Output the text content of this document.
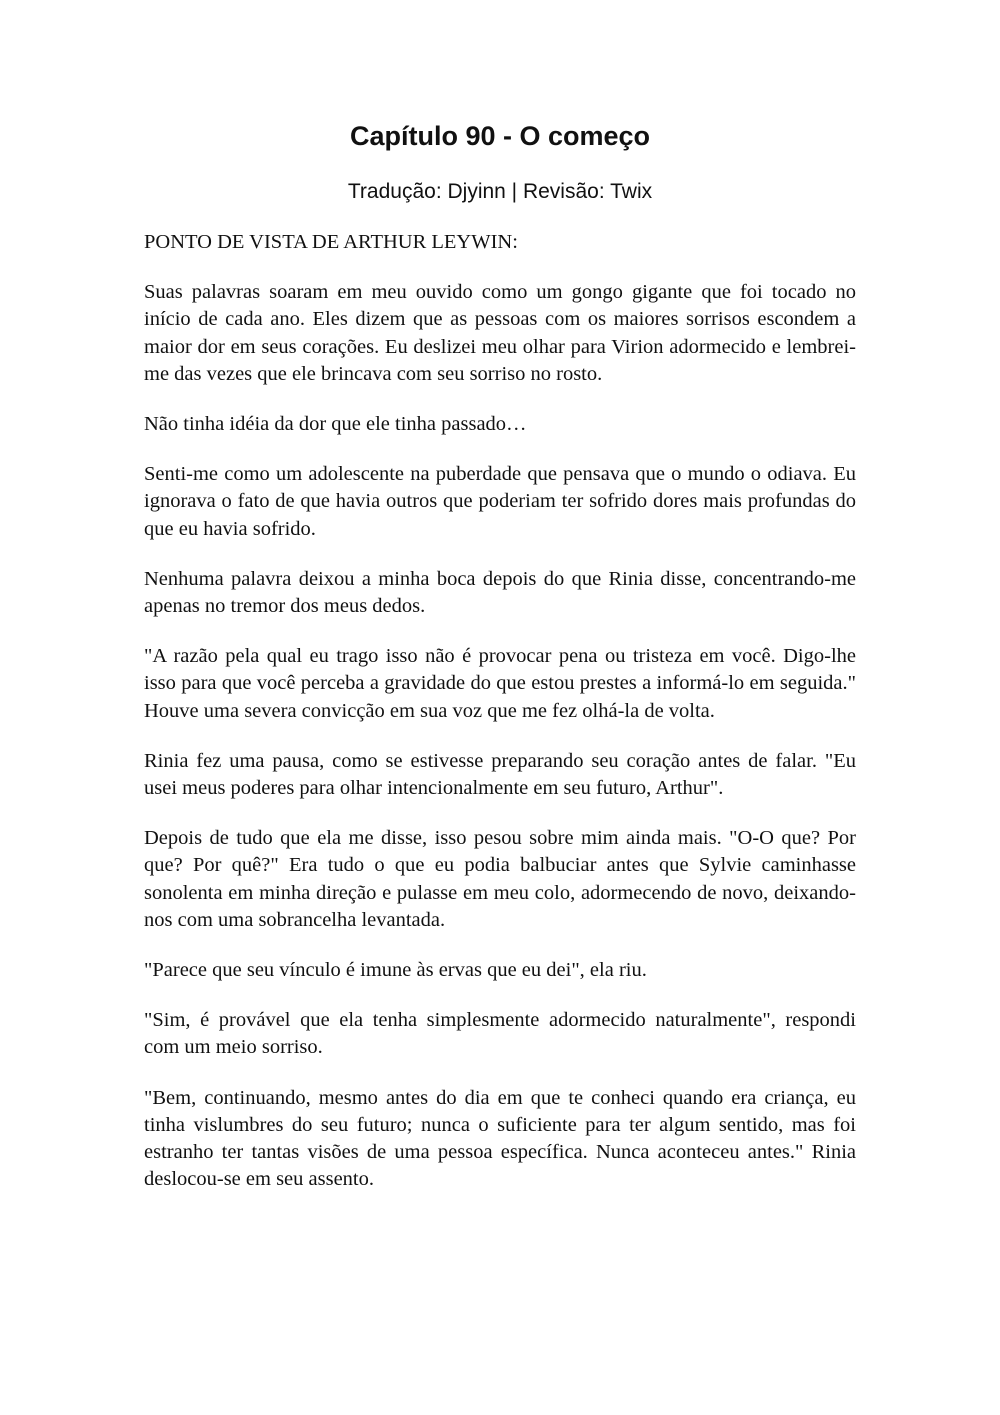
Capítulo 90 - O começo

Tradução: Djyinn | Revisão: Twix

PONTO DE VISTA DE ARTHUR LEYWIN:

Suas palavras soaram em meu ouvido como um gongo gigante que foi tocado no início de cada ano. Eles dizem que as pessoas com os maiores sorrisos escondem a maior dor em seus corações. Eu deslizei meu olhar para Virion adormecido e lembrei-me das vezes que ele brincava com seu sorriso no rosto.

Não tinha idéia da dor que ele tinha passado…

Senti-me como um adolescente na puberdade que pensava que o mundo o odiava. Eu ignorava o fato de que havia outros que poderiam ter sofrido dores mais profundas do que eu havia sofrido.

Nenhuma palavra deixou a minha boca depois do que Rinia disse, concentrando-me apenas no tremor dos meus dedos.

"A razão pela qual eu trago isso não é provocar pena ou tristeza em você. Digo-lhe isso para que você perceba a gravidade do que estou prestes a informá-lo em seguida." Houve uma severa convicção em sua voz que me fez olhá-la de volta.

Rinia fez uma pausa, como se estivesse preparando seu coração antes de falar. "Eu usei meus poderes para olhar intencionalmente em seu futuro, Arthur".

Depois de tudo que ela me disse, isso pesou sobre mim ainda mais. "O-O que? Por que? Por quê?" Era tudo o que eu podia balbuciar antes que Sylvie caminhasse sonolenta em minha direção e pulasse em meu colo, adormecendo de novo, deixando-nos com uma sobrancelha levantada.

"Parece que seu vínculo é imune às ervas que eu dei", ela riu.

"Sim, é provável que ela tenha simplesmente adormecido naturalmente", respondi com um meio sorriso.

"Bem, continuando, mesmo antes do dia em que te conheci quando era criança, eu tinha vislumbres do seu futuro; nunca o suficiente para ter algum sentido, mas foi estranho ter tantas visões de uma pessoa específica. Nunca aconteceu antes." Rinia deslocou-se em seu assento.
